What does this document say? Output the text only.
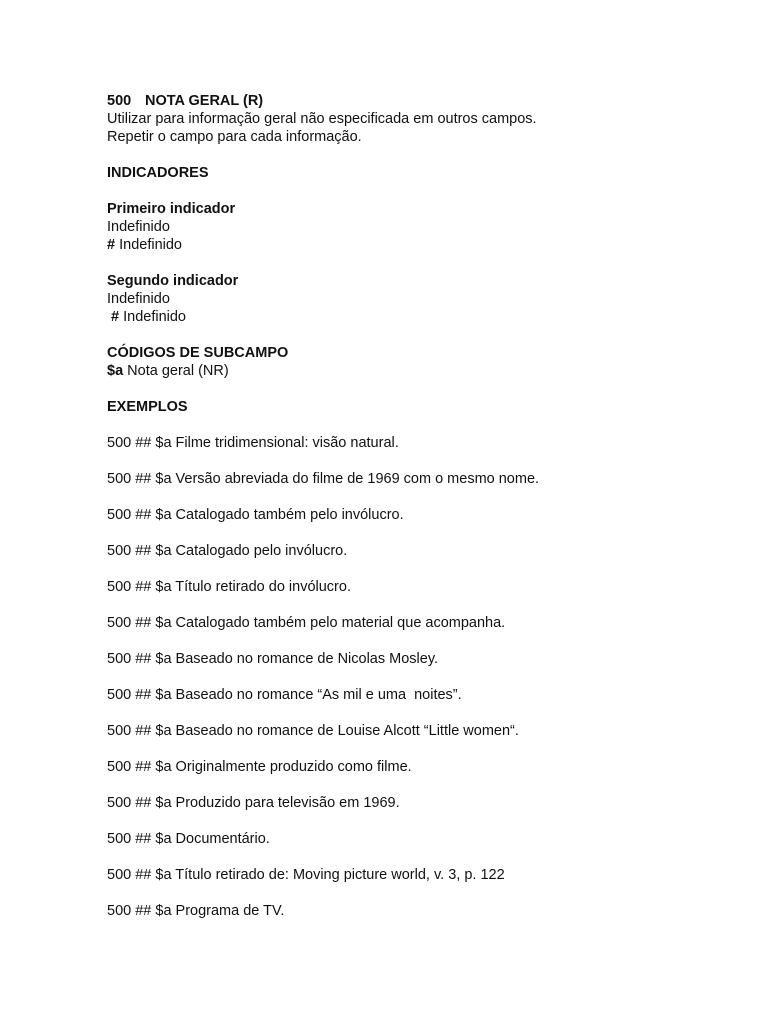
500 NOTA GERAL (R)
Utilizar para informação geral não especificada em outros campos.
Repetir o campo para cada informação.
INDICADORES
Primeiro indicador
Indefinido
# Indefinido
Segundo indicador
Indefinido
# Indefinido
CÓDIGOS DE SUBCAMPO
$a Nota geral (NR)
EXEMPLOS
500 ## $a Filme tridimensional: visão natural.
500 ## $a Versão abreviada do filme de 1969 com o mesmo nome.
500 ## $a Catalogado também pelo invólucro.
500 ## $a Catalogado pelo invólucro.
500 ## $a Título retirado do invólucro.
500 ## $a Catalogado também pelo material que acompanha.
500 ## $a Baseado no romance de Nicolas Mosley.
500 ## $a Baseado no romance “As mil e uma  noites”.
500 ## $a Baseado no romance de Louise Alcott “Little women“.
500 ## $a Originalmente produzido como filme.
500 ## $a Produzido para televisão em 1969.
500 ## $a Documentário.
500 ## $a Título retirado de: Moving picture world, v. 3, p. 122
500 ## $a Programa de TV.
